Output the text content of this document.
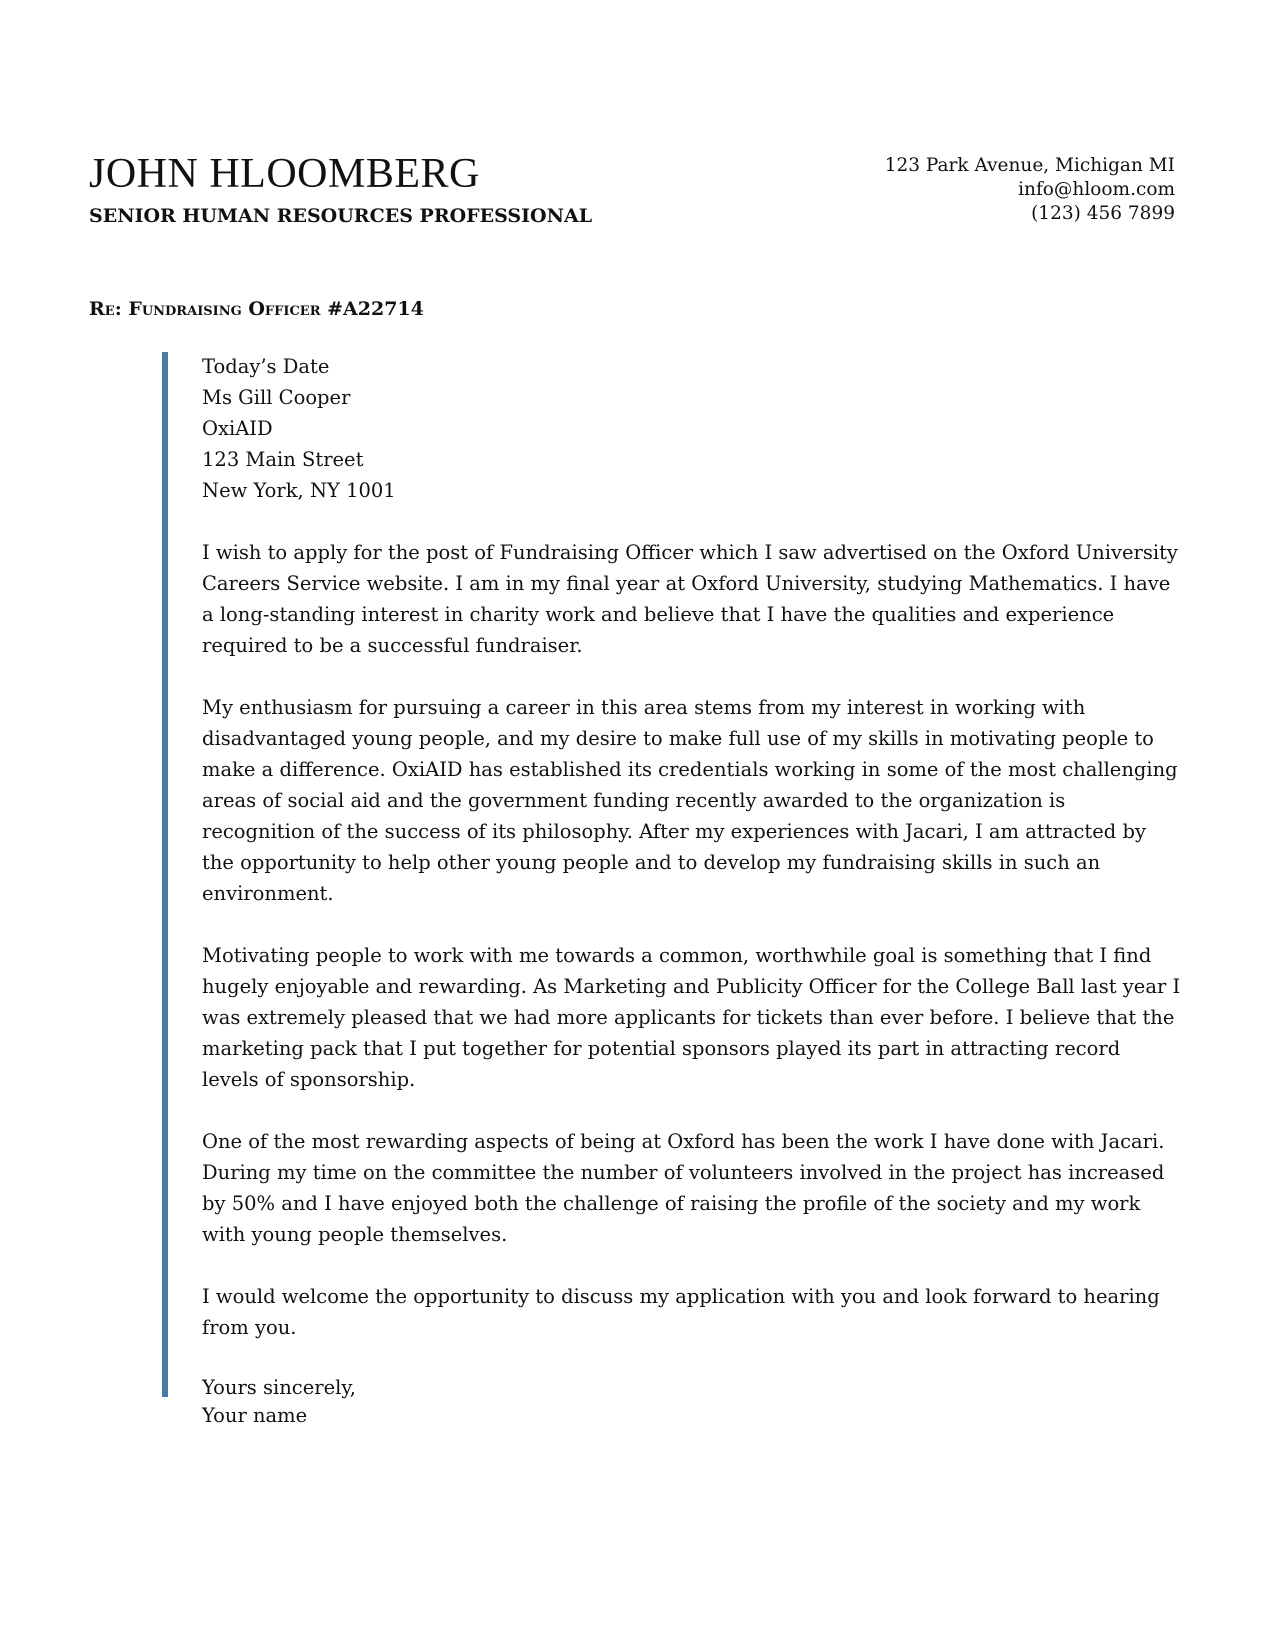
JOHN HLOOMBERG
SENIOR HUMAN RESOURCES PROFESSIONAL
123 Park Avenue, Michigan MI
info@hloom.com
(123) 456 7899
Re: Fundraising Officer #A22714
Today’s Date
Ms Gill Cooper
OxiAID
123 Main Street
New York, NY 1001

I wish to apply for the post of Fundraising Officer which I saw advertised on the Oxford University Careers Service website. I am in my final year at Oxford University, studying Mathematics. I have a long-standing interest in charity work and believe that I have the qualities and experience required to be a successful fundraiser.

My enthusiasm for pursuing a career in this area stems from my interest in working with disadvantaged young people, and my desire to make full use of my skills in motivating people to make a difference. OxiAID has established its credentials working in some of the most challenging areas of social aid and the government funding recently awarded to the organization is recognition of the success of its philosophy. After my experiences with Jacari, I am attracted by the opportunity to help other young people and to develop my fundraising skills in such an environment.

Motivating people to work with me towards a common, worthwhile goal is something that I find hugely enjoyable and rewarding. As Marketing and Publicity Officer for the College Ball last year I was extremely pleased that we had more applicants for tickets than ever before. I believe that the marketing pack that I put together for potential sponsors played its part in attracting record levels of sponsorship.

One of the most rewarding aspects of being at Oxford has been the work I have done with Jacari. During my time on the committee the number of volunteers involved in the project has increased by 50% and I have enjoyed both the challenge of raising the profile of the society and my work with young people themselves.

I would welcome the opportunity to discuss my application with you and look forward to hearing from you.

Yours sincerely,
Your name
